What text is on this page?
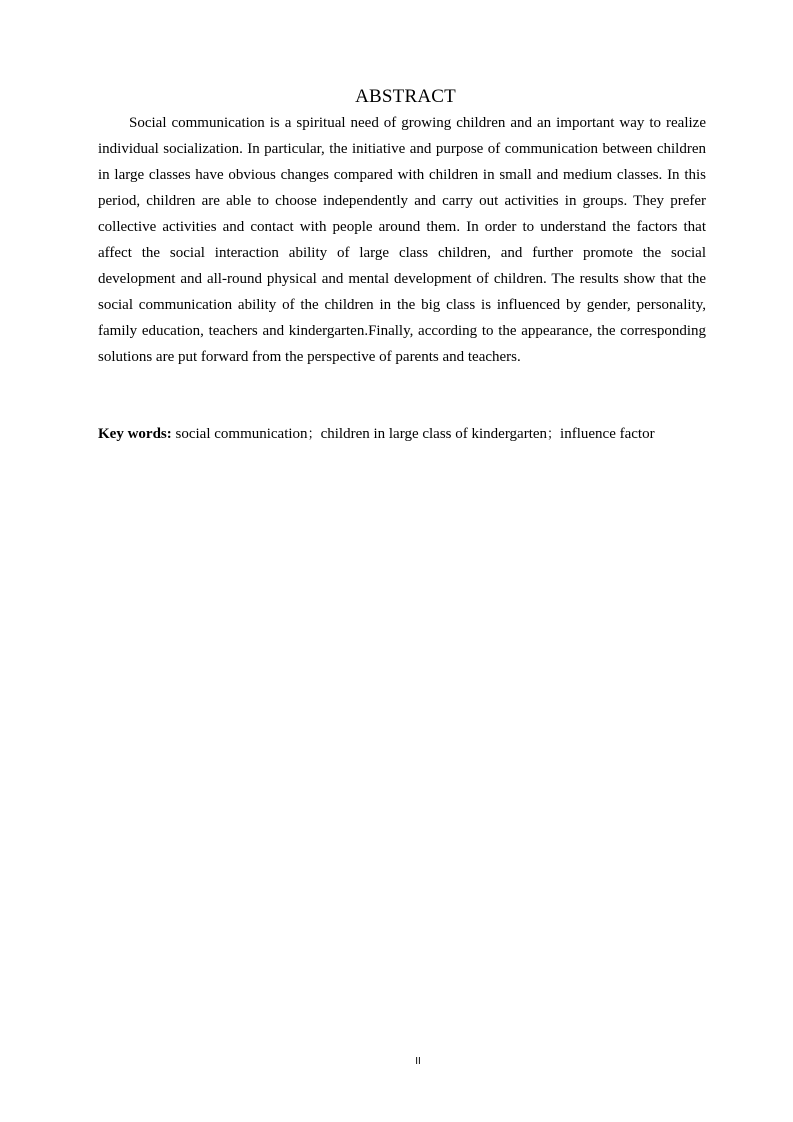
ABSTRACT

Social communication is a spiritual need of growing children and an important way to realize individual socialization. In particular, the initiative and purpose of communication between children in large classes have obvious changes compared with children in small and medium classes. In this period, children are able to choose independently and carry out activities in groups. They prefer collective activities and contact with people around them. In order to understand the factors that affect the social interaction ability of large class children, and further promote the social development and all-round physical and mental development of children. The results show that the social communication ability of the children in the big class is influenced by gender, personality, family education, teachers and kindergarten.Finally, according to the appearance, the corresponding solutions are put forward from the perspective of parents and teachers.

Key words: social communication；children in large class of kindergarten；influence factor
II
